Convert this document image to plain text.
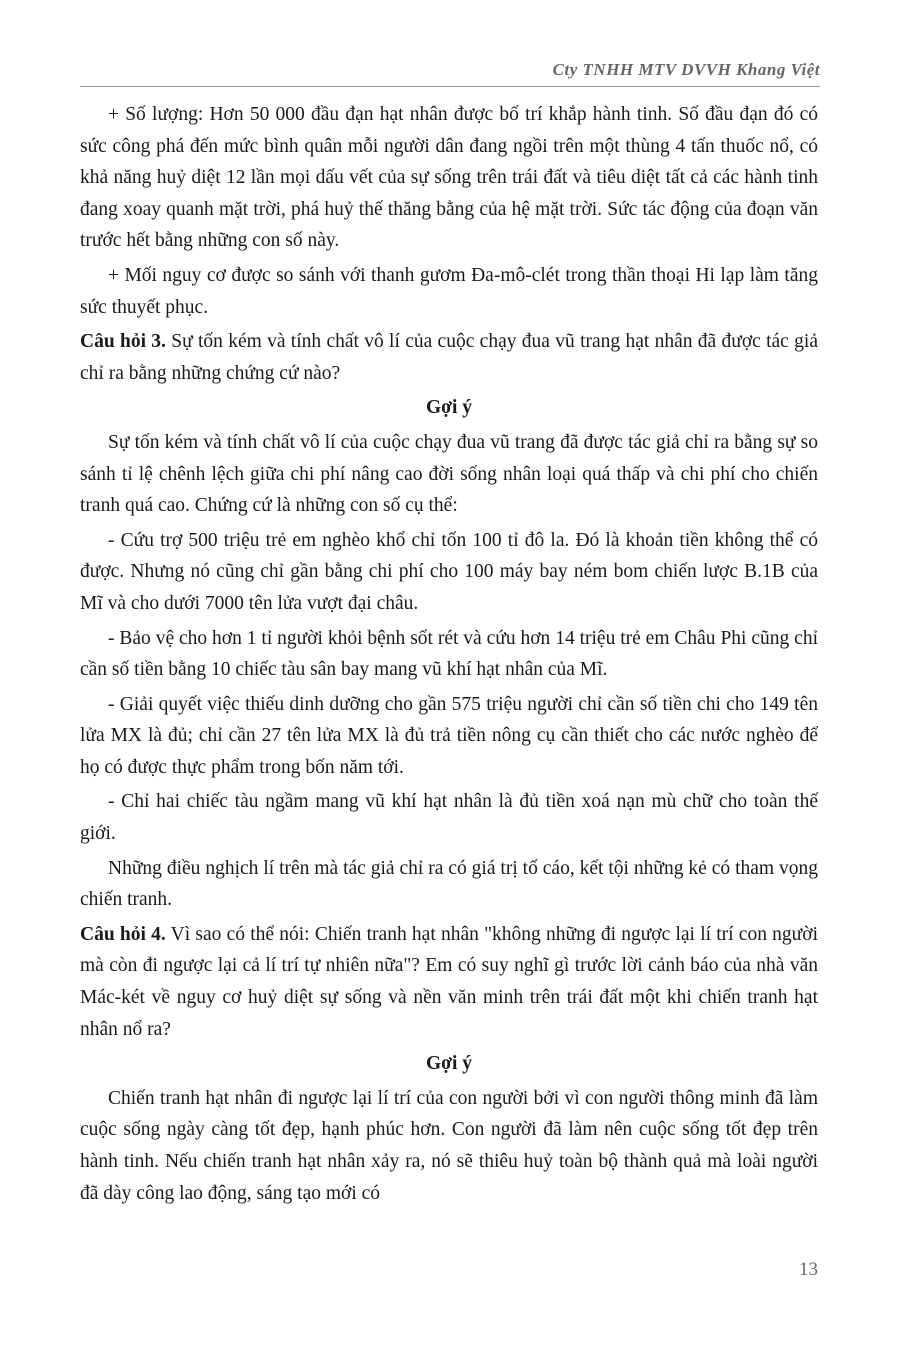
Cty TNHH MTV DVVH Khang Việt

+ Số lượng: Hơn 50 000 đầu đạn hạt nhân được bố trí khắp hành tinh. Số đầu đạn đó có sức công phá đến mức bình quân mỗi người dân đang ngồi trên một thùng 4 tấn thuốc nổ, có khả năng huỷ diệt 12 lần mọi dấu vết của sự sống trên trái đất và tiêu diệt tất cả các hành tinh đang xoay quanh mặt trời, phá huỷ thế thăng bằng của hệ mặt trời. Sức tác động của đoạn văn trước hết bằng những con số này.

+ Mối nguy cơ được so sánh với thanh gươm Đa-mô-clét trong thần thoại Hi lạp làm tăng sức thuyết phục.

Câu hỏi 3. Sự tốn kém và tính chất vô lí của cuộc chạy đua vũ trang hạt nhân đã được tác giả chỉ ra bằng những chứng cứ nào?

Gợi ý

Sự tốn kém và tính chất vô lí của cuộc chạy đua vũ trang đã được tác giả chỉ ra bằng sự so sánh tỉ lệ chênh lệch giữa chi phí nâng cao đời sống nhân loại quá thấp và chi phí cho chiến tranh quá cao. Chứng cứ là những con số cụ thể:

- Cứu trợ 500 triệu trẻ em nghèo khổ chỉ tốn 100 tỉ đô la. Đó là khoản tiền không thể có được. Nhưng nó cũng chỉ gần bằng chi phí cho 100 máy bay ném bom chiến lược B.1B của Mĩ và cho dưới 7000 tên lửa vượt đại châu.

- Bảo vệ cho hơn 1 tỉ người khỏi bệnh sốt rét và cứu hơn 14 triệu trẻ em Châu Phi cũng chỉ cần số tiền bằng 10 chiếc tàu sân bay mang vũ khí hạt nhân của Mĩ.

- Giải quyết việc thiếu dinh dưỡng cho gần 575 triệu người chỉ cần số tiền chi cho 149 tên lửa MX là đủ; chỉ cần 27 tên lửa MX là đủ trả tiền nông cụ cần thiết cho các nước nghèo để họ có được thực phẩm trong bốn năm tới.

- Chỉ hai chiếc tàu ngầm mang vũ khí hạt nhân là đủ tiền xoá nạn mù chữ cho toàn thế giới.

Những điều nghịch lí trên mà tác giả chỉ ra có giá trị tố cáo, kết tội những kẻ có tham vọng chiến tranh.

Câu hỏi 4. Vì sao có thể nói: Chiến tranh hạt nhân "không những đi ngược lại lí trí con người mà còn đi ngược lại cả lí trí tự nhiên nữa"? Em có suy nghĩ gì trước lời cảnh báo của nhà văn Mác-két về nguy cơ huỷ diệt sự sống và nền văn minh trên trái đất một khi chiến tranh hạt nhân nổ ra?

Gợi ý

Chiến tranh hạt nhân đi ngược lại lí trí của con người bởi vì con người thông minh đã làm cuộc sống ngày càng tốt đẹp, hạnh phúc hơn. Con người đã làm nên cuộc sống tốt đẹp trên hành tinh. Nếu chiến tranh hạt nhân xảy ra, nó sẽ thiêu huỷ toàn bộ thành quả mà loài người đã dày công lao động, sáng tạo mới có

13
